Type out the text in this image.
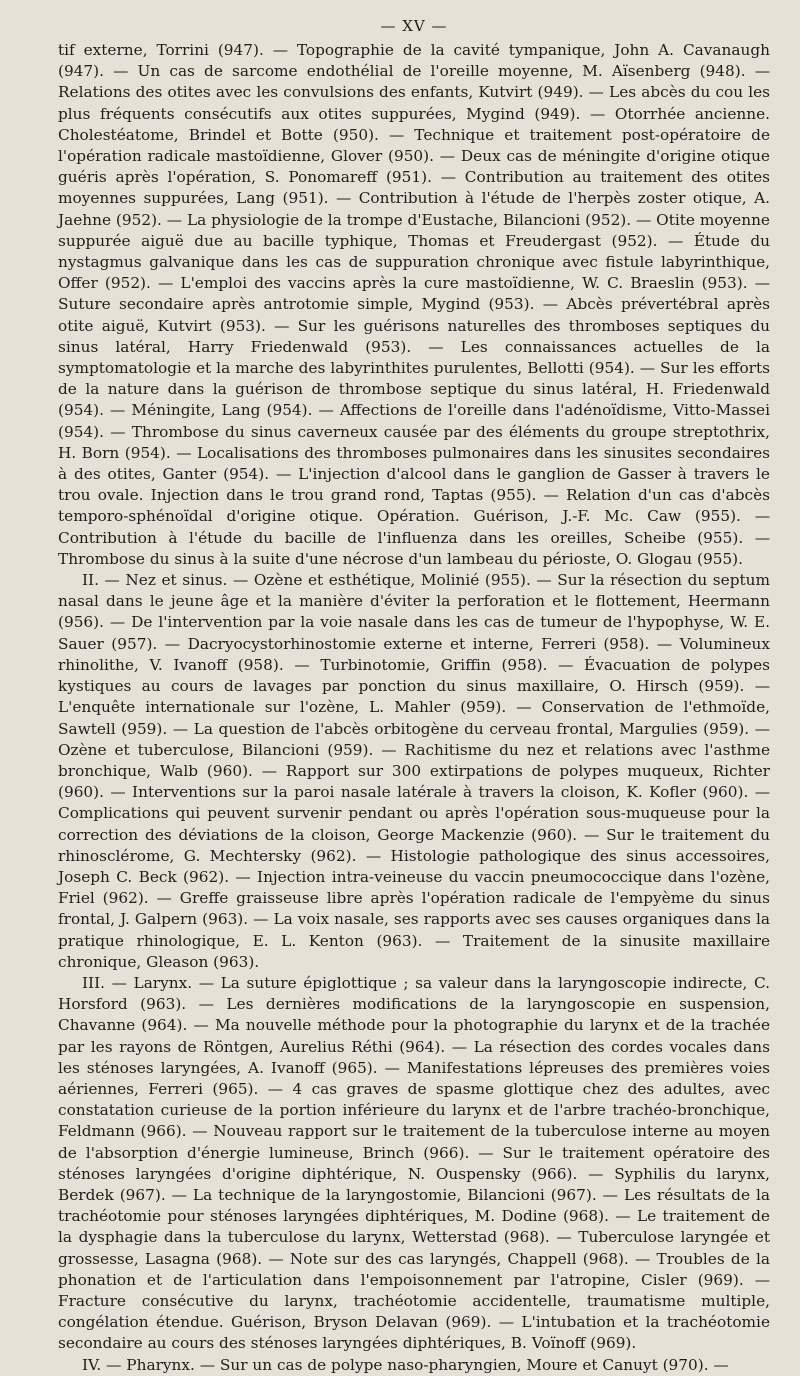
— XV —

tif externe, Torrini (947). — Topographie de la cavité tympanique, John A. Cavanaugh (947). — Un cas de sarcome endothélial de l'oreille moyenne, M. Aïsenberg (948). — Relations des otites avec les convulsions des enfants, Kutvirt (949). — Les abcès du cou les plus fréquents consécutifs aux otites suppurées, Mygind (949). — Otorrhée ancienne. Cholestéatome, Brindel et Botte (950). — Technique et traitement post-opératoire de l'opération radicale mastoïdienne, Glover (950). — Deux cas de méningite d'origine otique guéris après l'opération, S. Ponomareff (951). — Contribution au traitement des otites moyennes suppurées, Lang (951). — Contribution à l'étude de l'herpès zoster otique, A. Jaehne (952). — La physiologie de la trompe d'Eustache, Bilancioni (952). — Otite moyenne suppurée aiguë due au bacille typhique, Thomas et Freudergast (952). — Étude du nystagmus galvanique dans les cas de suppuration chronique avec fistule labyrinthique, Offer (952). — L'emploi des vaccins après la cure mastoïdienne, W. C. Braeslin (953). — Suture secondaire après antrotomie simple, Mygind (953). — Abcès prévertébral après otite aiguë, Kutvirt (953). — Sur les guérisons naturelles des thromboses septiques du sinus latéral, Harry Friedenwald (953). — Les connaissances actuelles de la symptomatologie et la marche des labyrinthites purulentes, Bellotti (954). — Sur les efforts de la nature dans la guérison de thrombose septique du sinus latéral, H. Friedenwald (954). — Méningite, Lang (954). — Affections de l'oreille dans l'adénoïdisme, Vitto-Massei (954). — Thrombose du sinus caverneux causée par des éléments du groupe streptothrix, H. Born (954). — Localisations des thromboses pulmonaires dans les sinusites secondaires à des otites, Ganter (954). — L'injection d'alcool dans le ganglion de Gasser à travers le trou ovale. Injection dans le trou grand rond, Taptas (955). — Relation d'un cas d'abcès temporo-sphénoïdal d'origine otique. Opération. Guérison, J.-F. Mc. Caw (955). — Contribution à l'étude du bacille de l'influenza dans les oreilles, Scheibe (955). — Thrombose du sinus à la suite d'une nécrose d'un lambeau du périoste, O. Glogau (955).

II. — Nez et sinus. — Ozène et esthétique, Molinié (955). — Sur la résection du septum nasal dans le jeune âge et la manière d'éviter la perforation et le flottement, Heermann (956). — De l'intervention par la voie nasale dans les cas de tumeur de l'hypophyse, W. E. Sauer (957). — Dacryocystorhinostomie externe et interne, Ferreri (958). — Volumineux rhinolithe, V. Ivanoff (958). — Turbinotomie, Griffin (958). — Évacuation de polypes kystiques au cours de lavages par ponction du sinus maxillaire, O. Hirsch (959). — L'enquête internationale sur l'ozène, L. Mahler (959). — Conservation de l'ethmoïde, Sawtell (959). — La question de l'abcès orbitogène du cerveau frontal, Margulies (959). — Ozène et tuberculose, Bilancioni (959). — Rachitisme du nez et relations avec l'asthme bronchique, Walb (960). — Rapport sur 300 extirpations de polypes muqueux, Richter (960). — Interventions sur la paroi nasale latérale à travers la cloison, K. Kofler (960). — Complications qui peuvent survenir pendant ou après l'opération sous-muqueuse pour la correction des déviations de la cloison, George Mackenzie (960). — Sur le traitement du rhinosclérome, G. Mechtersky (962). — Histologie pathologique des sinus accessoires, Joseph C. Beck (962). — Injection intra-veineuse du vaccin pneumococcique dans l'ozène, Friel (962). — Greffe graisseuse libre après l'opération radicale de l'empyème du sinus frontal, J. Galpern (963). — La voix nasale, ses rapports avec ses causes organiques dans la pratique rhinologique, E. L. Kenton (963). — Traitement de la sinusite maxillaire chronique, Gleason (963).

III. — Larynx. — La suture épiglottique ; sa valeur dans la laryngoscopie indirecte, C. Horsford (963). — Les dernières modifications de la laryngoscopie en suspension, Chavanne (964). — Ma nouvelle méthode pour la photographie du larynx et de la trachée par les rayons de Röntgen, Aurelius Réthi (964). — La résection des cordes vocales dans les sténoses laryngées, A. Ivanoff (965). — Manifestations lépreuses des premières voies aériennes, Ferreri (965). — 4 cas graves de spasme glottique chez des adultes, avec constatation curieuse de la portion inférieure du larynx et de l'arbre trachéo-bronchique, Feldmann (966). — Nouveau rapport sur le traitement de la tuberculose interne au moyen de l'absorption d'énergie lumineuse, Brinch (966). — Sur le traitement opératoire des sténoses laryngées d'origine diphtérique, N. Ouspensky (966). — Syphilis du larynx, Berdek (967). — La technique de la laryngostomie, Bilancioni (967). — Les résultats de la trachéotomie pour sténoses laryngées diphtériques, M. Dodine (968). — Le traitement de la dysphagie dans la tuberculose du larynx, Wetterstad (968). — Tuberculose laryngée et grossesse, Lasagna (968). — Note sur des cas laryngés, Chappell (968). — Troubles de la phonation et de l'articulation dans l'empoisonnement par l'atropine, Cisler (969). — Fracture consécutive du larynx, trachéotomie accidentelle, traumatisme multiple, congélation étendue. Guérison, Bryson Delavan (969). — L'intubation et la trachéotomie secondaire au cours des sténoses laryngées diphtériques, B. Voïnoff (969).

IV. — Pharynx. — Sur un cas de polype naso-pharyngien, Moure et Canuyt (970). —
